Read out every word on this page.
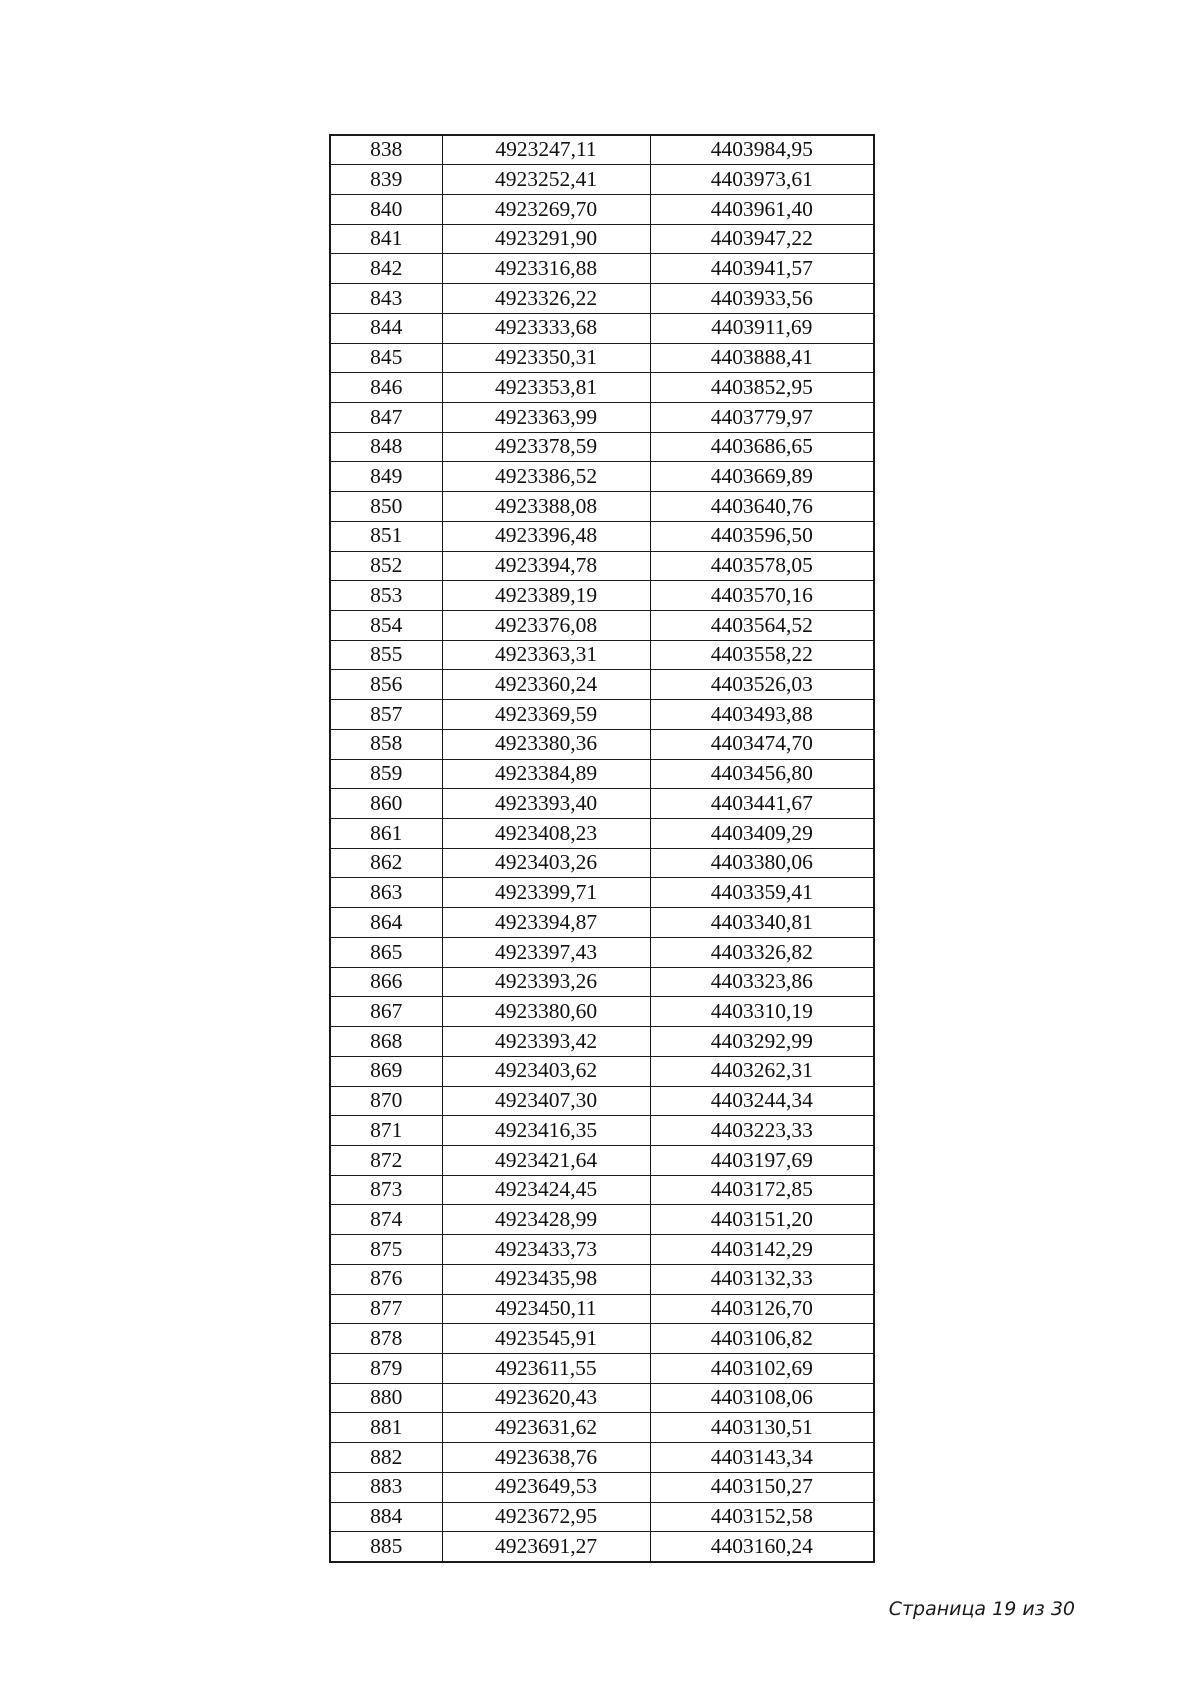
838	4923247,11	4403984,95
839	4923252,41	4403973,61
840	4923269,70	4403961,40
841	4923291,90	4403947,22
842	4923316,88	4403941,57
843	4923326,22	4403933,56
844	4923333,68	4403911,69
845	4923350,31	4403888,41
846	4923353,81	4403852,95
847	4923363,99	4403779,97
848	4923378,59	4403686,65
849	4923386,52	4403669,89
850	4923388,08	4403640,76
851	4923396,48	4403596,50
852	4923394,78	4403578,05
853	4923389,19	4403570,16
854	4923376,08	4403564,52
855	4923363,31	4403558,22
856	4923360,24	4403526,03
857	4923369,59	4403493,88
858	4923380,36	4403474,70
859	4923384,89	4403456,80
860	4923393,40	4403441,67
861	4923408,23	4403409,29
862	4923403,26	4403380,06
863	4923399,71	4403359,41
864	4923394,87	4403340,81
865	4923397,43	4403326,82
866	4923393,26	4403323,86
867	4923380,60	4403310,19
868	4923393,42	4403292,99
869	4923403,62	4403262,31
870	4923407,30	4403244,34
871	4923416,35	4403223,33
872	4923421,64	4403197,69
873	4923424,45	4403172,85
874	4923428,99	4403151,20
875	4923433,73	4403142,29
876	4923435,98	4403132,33
877	4923450,11	4403126,70
878	4923545,91	4403106,82
879	4923611,55	4403102,69
880	4923620,43	4403108,06
881	4923631,62	4403130,51
882	4923638,76	4403143,34
883	4923649,53	4403150,27
884	4923672,95	4403152,58
885	4923691,27	4403160,24
Страница 19 из 30
